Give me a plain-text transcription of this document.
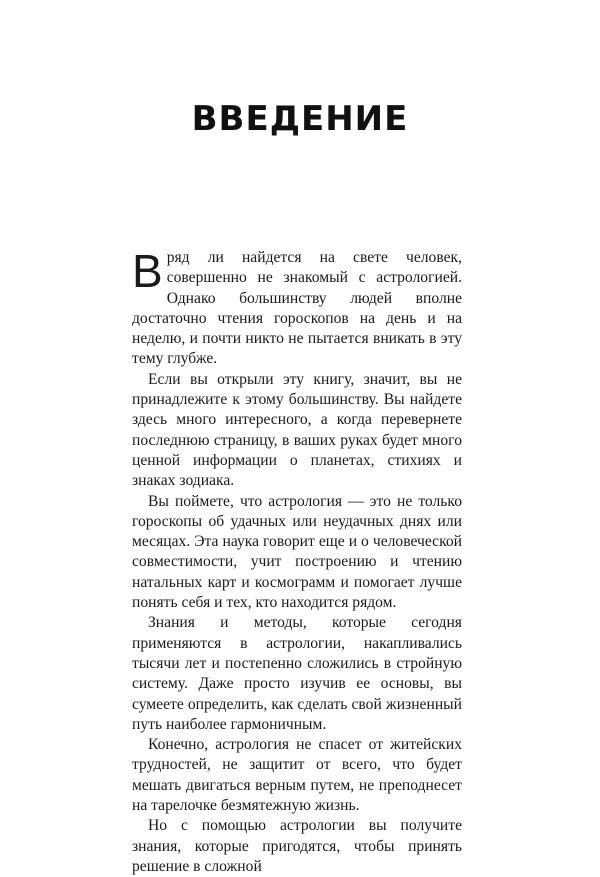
ВВЕДЕНИЕ

Вряд ли найдется на свете человек, совершенно не знакомый с астрологией. Однако большинству людей вполне достаточно чтения гороскопов на день и на неделю, и почти никто не пытается вникать в эту тему глубже.

Если вы открыли эту книгу, значит, вы не принадлежите к этому большинству. Вы найдете здесь много интересного, а когда перевернете последнюю страницу, в ваших руках будет много ценной информации о планетах, стихиях и знаках зодиака.

Вы поймете, что астрология — это не только гороскопы об удачных или неудачных днях или месяцах. Эта наука говорит еще и о человеческой совместимости, учит построению и чтению натальных карт и космограмм и помогает лучше понять себя и тех, кто находится рядом.

Знания и методы, которые сегодня применяются в астрологии, накапливались тысячи лет и постепенно сложились в стройную систему. Даже просто изучив ее основы, вы сумеете определить, как сделать свой жизненный путь наиболее гармоничным.

Конечно, астрология не спасет от житейских трудностей, не защитит от всего, что будет мешать двигаться верным путем, не преподнесет на тарелочке безмятежную жизнь.

Но с помощью астрологии вы получите знания, которые пригодятся, чтобы принять решение в сложной
